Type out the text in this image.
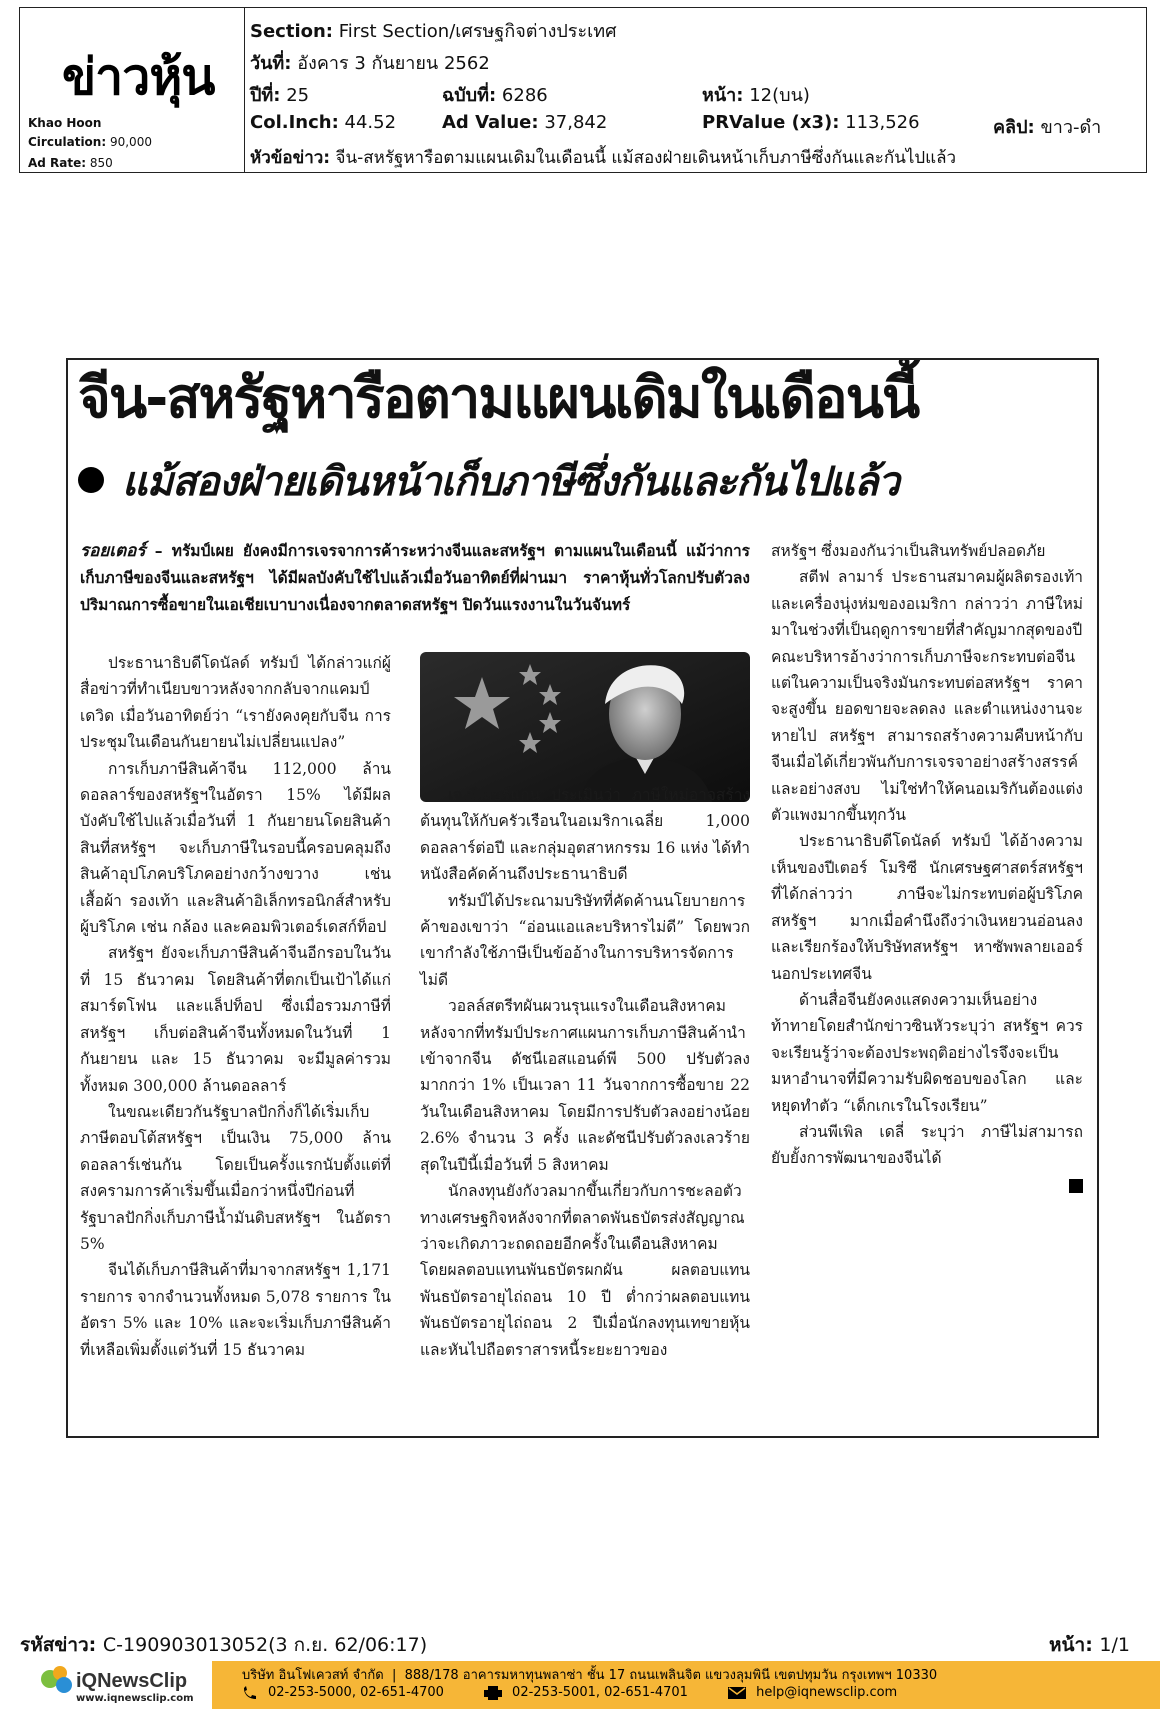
ข่าวหุ้น
Khao Hoon
Circulation: 90,000
Ad Rate: 850
Section: First Section/เศรษฐกิจต่างประเทศ
วันที่: อังคาร 3 กันยายน 2562
ปีที่: 25	ฉบับที่: 6286	หน้า: 12(บน)
Col.Inch: 44.52	Ad Value: 37,842	PRValue (x3): 113,526	คลิป: ขาว-ดำ
หัวข้อข่าว: จีน-สหรัฐหารือตามแผนเดิมในเดือนนี้ แม้สองฝ่ายเดินหน้าเก็บภาษีซึ่งกันและกันไปแล้ว
จีน-สหรัฐหารือตามแผนเดิมในเดือนนี้
แม้สองฝ่ายเดินหน้าเก็บภาษีซึ่งกันและกันไปแล้ว
รอยเตอร์ – ทรัมป์เผย ยังคงมีการเจรจาการค้าระหว่างจีนและสหรัฐฯ ตามแผนในเดือนนี้ แม้ว่าการเก็บภาษีของจีนและสหรัฐฯ ได้มีผลบังคับใช้ไปแล้วเมื่อวันอาทิตย์ที่ผ่านมา ราคาหุ้นทั่วโลกปรับตัวลง ปริมาณการซื้อขายในเอเชียเบาบางเนื่องจากตลาดสหรัฐฯ ปิดวันแรงงานในวันจันทร์

ประธานาธิบดีโดนัลด์ ทรัมป์ ได้กล่าวแก่ผู้สื่อข่าวที่ทำเนียบขาวหลังจากกลับจากแคมป์เดวิด เมื่อวันอาทิตย์ว่า “เรายังคงคุยกับจีน การประชุมในเดือนกันยายนไม่เปลี่ยนแปลง”

การเก็บภาษีสินค้าจีน 112,000 ล้านดอลลาร์ของสหรัฐฯในอัตรา 15% ได้มีผลบังคับใช้ไปแล้วเมื่อวันที่ 1 กันยายนโดยสินค้าสินที่สหรัฐฯ จะเก็บภาษีในรอบนี้ครอบคลุมถึงสินค้าอุปโภคบริโภคอย่างกว้างขวาง เช่น เสื้อผ้า รองเท้า และสินค้าอิเล็กทรอนิกส์สำหรับผู้บริโภค เช่น กล้อง และคอมพิวเตอร์เดสก์ท็อป

สหรัฐฯ ยังจะเก็บภาษีสินค้าจีนอีกรอบในวันที่ 15 ธันวาคม โดยสินค้าที่ตกเป็นเป้าได้แก่สมาร์ตโฟน และแล็ปท็อป ซึ่งเมื่อรวมภาษีที่สหรัฐฯ เก็บต่อสินค้าจีนทั้งหมดในวันที่ 1 กันยายน และ 15 ธันวาคม จะมีมูลค่ารวมทั้งหมด 300,000 ล้านดอลลาร์

ในขณะเดียวกันรัฐบาลปักกิ่งก็ได้เริ่มเก็บภาษีตอบโต้สหรัฐฯ เป็นเงิน 75,000 ล้านดอลลาร์เช่นกัน โดยเป็นครั้งแรกนับตั้งแต่ที่สงครามการค้าเริ่มขึ้นเมื่อกว่าหนึ่งปีก่อนที่รัฐบาลปักกิ่งเก็บภาษีน้ำมันดิบสหรัฐฯ ในอัตรา 5%

จีนได้เก็บภาษีสินค้าที่มาจากสหรัฐฯ 1,171 รายการ จากจำนวนทั้งหมด 5,078 รายการ ในอัตรา 5% และ 10% และจะเริ่มเก็บภาษีสินค้าที่เหลือเพิ่มตั้งแต่วันที่ 15 ธันวาคม

เจ.พี.มอร์แกน ประเมินว่า ภาษีใหม่อาจสร้างต้นทุนให้กับครัวเรือนในอเมริกาเฉลี่ย 1,000 ดอลลาร์ต่อปี และกลุ่มอุตสาหกรรม 16 แห่ง ได้ทำหนังสือคัดค้านถึงประธานาธิบดี

ทรัมป์ได้ประณามบริษัทที่คัดค้านนโยบายการค้าของเขาว่า “อ่อนแอและบริหารไม่ดี” โดยพวกเขากำลังใช้ภาษีเป็นข้ออ้างในการบริหารจัดการไม่ดี

วอลล์สตรีทผันผวนรุนแรงในเดือนสิงหาคมหลังจากที่ทรัมป์ประกาศแผนการเก็บภาษีสินค้านำเข้าจากจีน ดัชนีเอสแอนด์พี 500 ปรับตัวลงมากกว่า 1% เป็นเวลา 11 วันจากการซื้อขาย 22 วันในเดือนสิงหาคม โดยมีการปรับตัวลงอย่างน้อย 2.6% จำนวน 3 ครั้ง และดัชนีปรับตัวลงเลวร้ายสุดในปีนี้เมื่อวันที่ 5 สิงหาคม

นักลงทุนยังกังวลมากขึ้นเกี่ยวกับการชะลอตัวทางเศรษฐกิจหลังจากที่ตลาดพันธบัตรส่งสัญญาณว่าจะเกิดภาวะถดถอยอีกครั้งในเดือนสิงหาคม โดยผลตอบแทนพันธบัตรผกผัน ผลตอบแทนพันธบัตรอายุไถ่ถอน 10 ปี ต่ำกว่าผลตอบแทนพันธบัตรอายุไถ่ถอน 2 ปีเมื่อนักลงทุนเทขายหุ้นและหันไปถือตราสารหนี้ระยะยาวของ

สหรัฐฯ ซึ่งมองกันว่าเป็นสินทรัพย์ปลอดภัย

สตีฟ ลามาร์ ประธานสมาคมผู้ผลิตรองเท้าและเครื่องนุ่งห่มของอเมริกา กล่าวว่า ภาษีใหม่มาในช่วงที่เป็นฤดูการขายที่สำคัญมากสุดของปี คณะบริหารอ้างว่าการเก็บภาษีจะกระทบต่อจีน แต่ในความเป็นจริงมันกระทบต่อสหรัฐฯ ราคาจะสูงขึ้น ยอดขายจะลดลง และตำแหน่งงานจะหายไป สหรัฐฯ สามารถสร้างความคืบหน้ากับจีนเมื่อได้เกี่ยวพันกับการเจรจาอย่างสร้างสรรค์และอย่างสงบ ไม่ใช่ทำให้คนอเมริกันต้องแต่งตัวแพงมากขึ้นทุกวัน

ประธานาธิบดีโดนัลด์ ทรัมป์ ได้อ้างความเห็นของปีเตอร์ โมริซี นักเศรษฐศาสตร์สหรัฐฯ ที่ได้กล่าวว่า ภาษีจะไม่กระทบต่อผู้บริโภคสหรัฐฯ มากเมื่อคำนึงถึงว่าเงินหยวนอ่อนลง และเรียกร้องให้บริษัทสหรัฐฯ หาซัพพลายเออร์นอกประเทศจีน

ด้านสื่อจีนยังคงแสดงความเห็นอย่างท้าทายโดยสำนักข่าวซินหัวระบุว่า สหรัฐฯ ควรจะเรียนรู้ว่าจะต้องประพฤติอย่างไรจึงจะเป็นมหาอำนาจที่มีความรับผิดชอบของโลก และหยุดทำตัว “เด็กเกเรในโรงเรียน”

ส่วนพีเพิล เดลี่ ระบุว่า ภาษีไม่สามารถยับยั้งการพัฒนาของจีนได้

รหัสข่าว: C-190903013052(3 ก.ย. 62/06:17)	หน้า: 1/1
iQNewsClip
www.iqnewsclip.com
บริษัท อินโฟเควสท์ จำกัด  |  888/178 อาคารมหาทุนพลาซ่า ชั้น 17 ถนนเพลินจิต แขวงลุมพินี เขตปทุมวัน กรุงเทพฯ 10330
02-253-5000, 02-651-4700	02-253-5001, 02-651-4701	help@iqnewsclip.com
